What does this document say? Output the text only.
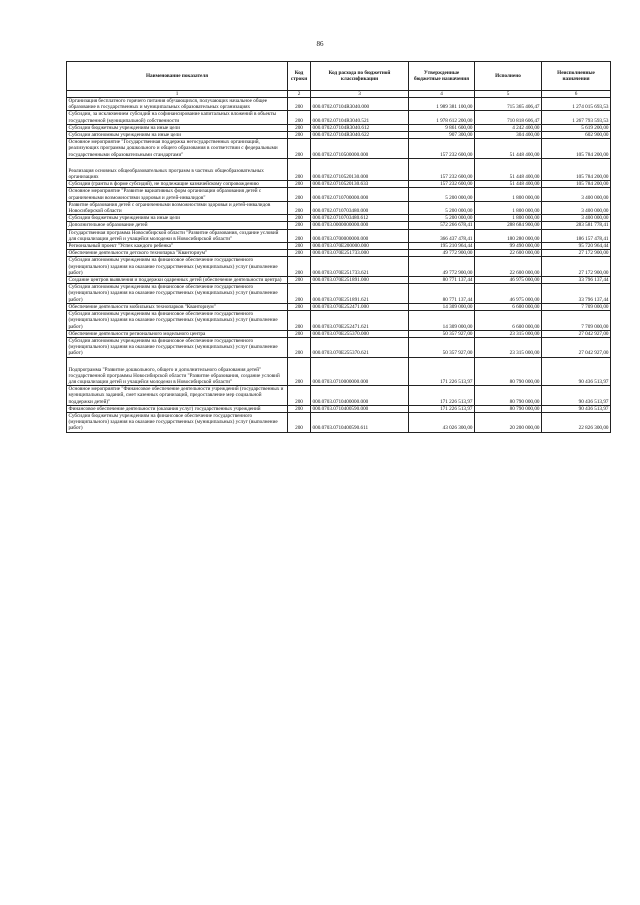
86
Наименование показателя	Код строки	Код расхода по бюджетной классификации	Утвержденные бюджетные назначения	Исполнено	Неисполненные назначения
1	2	3	4	5	6
Организация бесплатного горячего питания обучающихся, получающих начальное общее образование в государственных и муниципальных образовательных организациях	200	000.0702.07104R3040.000	1 989 381 100,00	715 365 406,47	1 274 015 693,53
Субсидии, за исключением субсидий на софинансирование капитальных вложений в объекты государственной (муниципальной) собственности	200	000.0702.07104R3040.521	1 978 612 200,00	710 818 606,47	1 267 793 593,53
Субсидии бюджетным учреждениям на иные цели	200	000.0702.07104R3040.612	9 861 600,00	4 242 400,00	5 619 200,00
Субсидии автономным учреждениям на иные цели	200	000.0702.07104R3040.622	907 300,00	304 400,00	602 900,00
Основное мероприятие "Государственная поддержка негосударственных организаций, реализующих программы дошкольного и общего образования в соответствии с федеральными государственными образовательными стандартами"	200	000.0702.0710500000.000	157 232 600,00	51 448 400,00	105 784 200,00
Реализация основных общеобразовательных программ в частных общеобразовательных организациях	200	000.0702.0710520130.000	157 232 600,00	51 448 400,00	105 784 200,00
Субсидии (гранты в форме субсидий), не подлежащие казначейскому сопровождению	200	000.0702.0710520130.633	157 232 600,00	51 448 400,00	105 784 200,00
Основное мероприятие "Развитие вариативных форм организации образования детей с ограниченными возможностями здоровья и детей-инвалидов"	200	000.0702.0710700000.000	5 200 000,00	1 800 000,00	3 400 000,00
Развитие образования детей с ограниченными возможностями здоровья и детей-инвалидов Новосибирской области	200	000.0702.0710703480.000	5 200 000,00	1 800 000,00	3 400 000,00
Субсидии бюджетным учреждениям на иные цели	200	000.0702.0710703480.612	5 200 000,00	1 800 000,00	3 400 000,00
Дополнительное образование детей	200	000.0703.0000000000.000	572 266 678,41	288 684 900,00	283 581 778,41
Государственная программа Новосибирской области "Развитие образования, создание условий для социализации детей и учащейся молодежи в Новосибирской области"	200	000.0703.0700000000.000	366 437 478,41	180 280 000,00	186 157 478,41
Региональный проект "Успех каждого ребенка"	200	000.0703.070E200000.000	195 210 964,44	99 490 000,00	95 720 964,44
Обеспечение деятельности детского технопарка "Кванториум"	200	000.0703.070E251733.000	49 772 900,00	22 600 000,00	27 172 900,00
Субсидии автономным учреждениям на финансовое обеспечение государственного (муниципального) задания на оказание государственных (муниципальных) услуг (выполнение работ)	200	000.0703.070E251733.621	49 772 900,00	22 600 000,00	27 172 900,00
Создание центров выявления и поддержки одаренных детей (обеспечение деятельности центра)	200	000.0703.070E251891.000	80 771 137,44	46 975 000,00	33 796 137,44
Субсидии автономным учреждениям на финансовое обеспечение государственного (муниципального) задания на оказание государственных (муниципальных) услуг (выполнение работ)	200	000.0703.070E251891.621	80 771 137,44	46 975 000,00	33 796 137,44
Обеспечение деятельности мобильных технопарков "Кванториум"	200	000.0703.070E252471.000	14 309 000,00	6 600 000,00	7 709 000,00
Субсидии автономным учреждениям на финансовое обеспечение государственного (муниципального) задания на оказание государственных (муниципальных) услуг (выполнение работ)	200	000.0703.070E252471.621	14 309 000,00	6 600 000,00	7 709 000,00
Обеспечение деятельности регионального модельного центра	200	000.0703.070E255370.000	50 357 927,00	23 315 000,00	27 042 927,00
Субсидии автономным учреждениям на финансовое обеспечение государственного (муниципального) задания на оказание государственных (муниципальных) услуг (выполнение работ)	200	000.0703.070E255370.621	50 357 927,00	23 315 000,00	27 042 927,00
Подпрограмма "Развитие дошкольного, общего и дополнительного образования детей" государственной программы Новосибирской области "Развитие образования, создание условий для социализации детей и учащейся молодежи в Новосибирской области"	200	000.0703.0710000000.000	171 226 513,97	80 790 000,00	90 436 513,97
Основное мероприятие "Финансовое обеспечение деятельности учреждений (государственных и муниципальных заданий, смет казенных организаций, предоставление мер социальной поддержки детей)"	200	000.0703.0710400000.000	171 226 513,97	80 790 000,00	90 436 513,97
Финансовое обеспечение деятельности (оказания услуг) государственных учреждений	200	000.0703.0710400590.000	171 226 513,97	80 790 000,00	90 436 513,97
Субсидии бюджетным учреждениям на финансовое обеспечение государственного (муниципального) задания на оказание государственных (муниципальных) услуг (выполнение работ)	200	000.0703.0710400590.611	43 026 300,00	20 200 000,00	22 826 300,00
